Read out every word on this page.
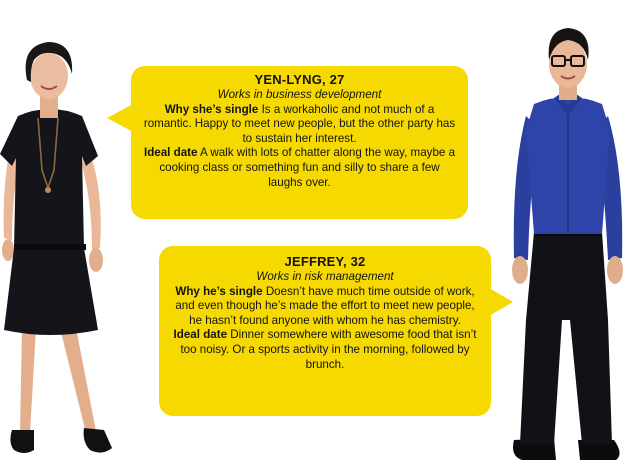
YEN-LYNG, 27

Works in business development

Why she’s single Is a workaholic and not much of a romantic. Happy to meet new people, but the other party has to sustain her interest.

Ideal date A walk with lots of chatter along the way, maybe a cooking class or something fun and silly to share a few laughs over.

JEFFREY, 32

Works in risk management

Why he’s single Doesn’t have much time outside of work, and even though he’s made the effort to meet new people, he hasn’t found anyone with whom he has chemistry.

Ideal date Dinner somewhere with awesome food that isn’t too noisy. Or a sports activity in the morning, followed by brunch.
